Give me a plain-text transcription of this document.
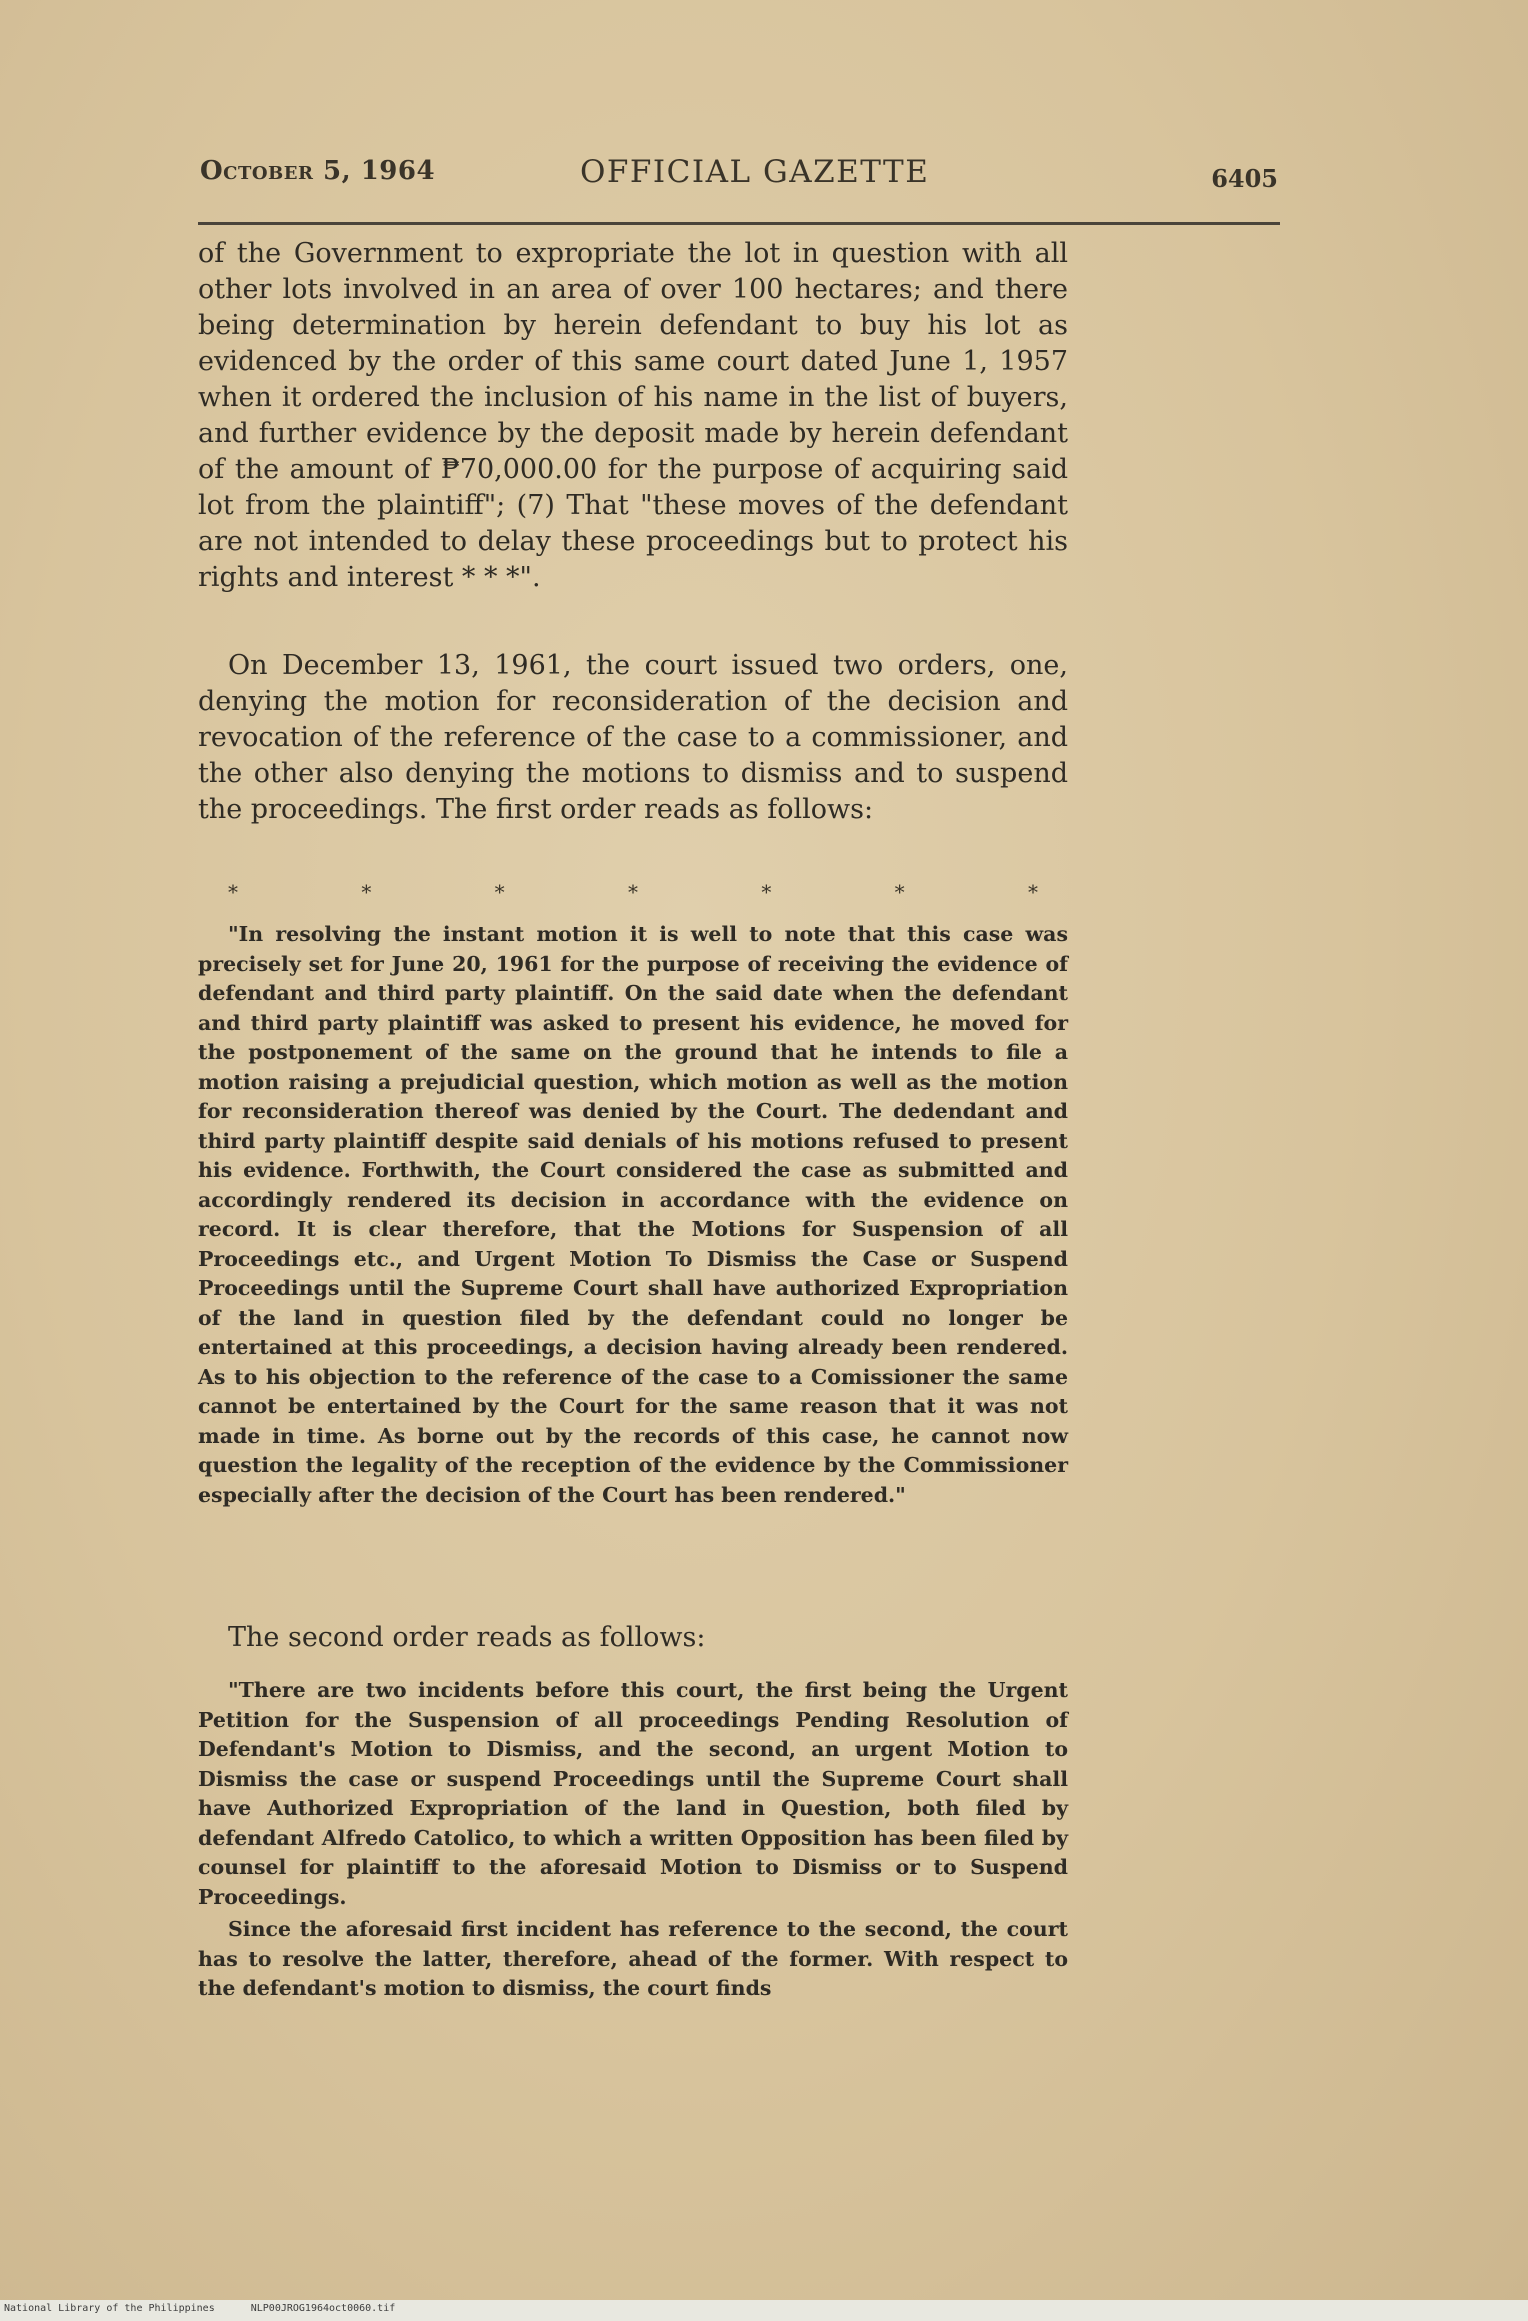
October 5, 1964	OFFICIAL GAZETTE	6405

of the Government to expropriate the lot in question with all other lots involved in an area of over 100 hectares; and there being determination by herein defendant to buy his lot as evidenced by the order of this same court dated June 1, 1957 when it ordered the inclusion of his name in the list of buyers, and further evidence by the deposit made by herein defendant of the amount of ₱70,000.00 for the purpose of acquiring said lot from the plaintiff"; (7) That "these moves of the defendant are not intended to delay these proceedings but to protect his rights and interest * * *".

On December 13, 1961, the court issued two orders, one, denying the motion for reconsideration of the decision and revocation of the reference of the case to a commissioner, and the other also denying the motions to dismiss and to suspend the proceedings. The first order reads as follows:

*	*	*	*	*	*	*

"In resolving the instant motion it is well to note that this case was precisely set for June 20, 1961 for the purpose of receiving the evidence of defendant and third party plaintiff. On the said date when the defendant and third party plaintiff was asked to present his evidence, he moved for the postponement of the same on the ground that he intends to file a motion raising a prejudicial question, which motion as well as the motion for reconsideration thereof was denied by the Court. The dedendant and third party plaintiff despite said denials of his motions refused to present his evidence. Forthwith, the Court considered the case as submitted and accordingly rendered its decision in accordance with the evidence on record. It is clear therefore, that the Motions for Suspension of all Proceedings etc., and Urgent Motion To Dismiss the Case or Suspend Proceedings until the Supreme Court shall have authorized Expropriation of the land in question filed by the defendant could no longer be entertained at this proceedings, a decision having already been rendered. As to his objection to the reference of the case to a Comissioner the same cannot be entertained by the Court for the same reason that it was not made in time. As borne out by the records of this case, he cannot now question the legality of the reception of the evidence by the Commissioner especially after the decision of the Court has been rendered."

The second order reads as follows:

"There are two incidents before this court, the first being the Urgent Petition for the Suspension of all proceedings Pending Resolution of Defendant's Motion to Dismiss, and the second, an urgent Motion to Dismiss the case or suspend Proceedings until the Supreme Court shall have Authorized Expropriation of the land in Question, both filed by defendant Alfredo Catolico, to which a written Opposition has been filed by counsel for plaintiff to the aforesaid Motion to Dismiss or to Suspend Proceedings.

Since the aforesaid first incident has reference to the second, the court has to resolve the latter, therefore, ahead of the former. With respect to the defendant's motion to dismiss, the court finds

National Library of the Philippines	NLP00JROG1964oct0060.tif
